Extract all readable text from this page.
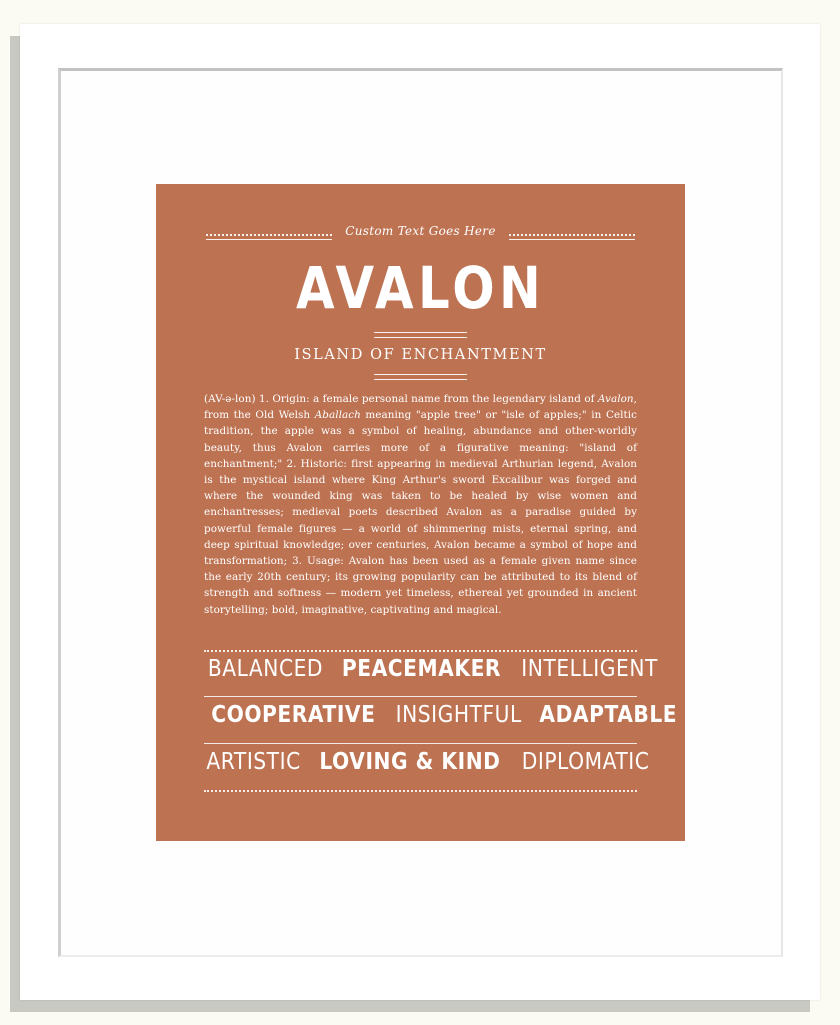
Custom Text Goes Here
AVALON
ISLAND OF ENCHANTMENT
(AV-ə-lon) 1. Origin: a female personal name from the legendary island of Avalon, from the Old Welsh Aballach meaning "apple tree" or "isle of apples;" in Celtic tradition, the apple was a symbol of healing, abundance and other-worldly beauty, thus Avalon carries more of a figurative meaning: "island of enchantment;" 2. Historic: first appearing in medieval Arthurian legend, Avalon is the mystical island where King Arthur's sword Excalibur was forged and where the wounded king was taken to be healed by wise women and enchantresses; medieval poets described Avalon as a paradise guided by powerful female figures — a world of shimmering mists, eternal spring, and deep spiritual knowledge; over centuries, Avalon became a symbol of hope and transformation; 3. Usage: Avalon has been used as a female given name since the early 20th century; its growing popularity can be attributed to its blend of strength and softness — modern yet timeless, ethereal yet grounded in ancient storytelling; bold, imaginative, captivating and magical.
BALANCED PEACEMAKER INTELLIGENT
COOPERATIVE INSIGHTFUL ADAPTABLE
ARTISTIC LOVING & KIND DIPLOMATIC
